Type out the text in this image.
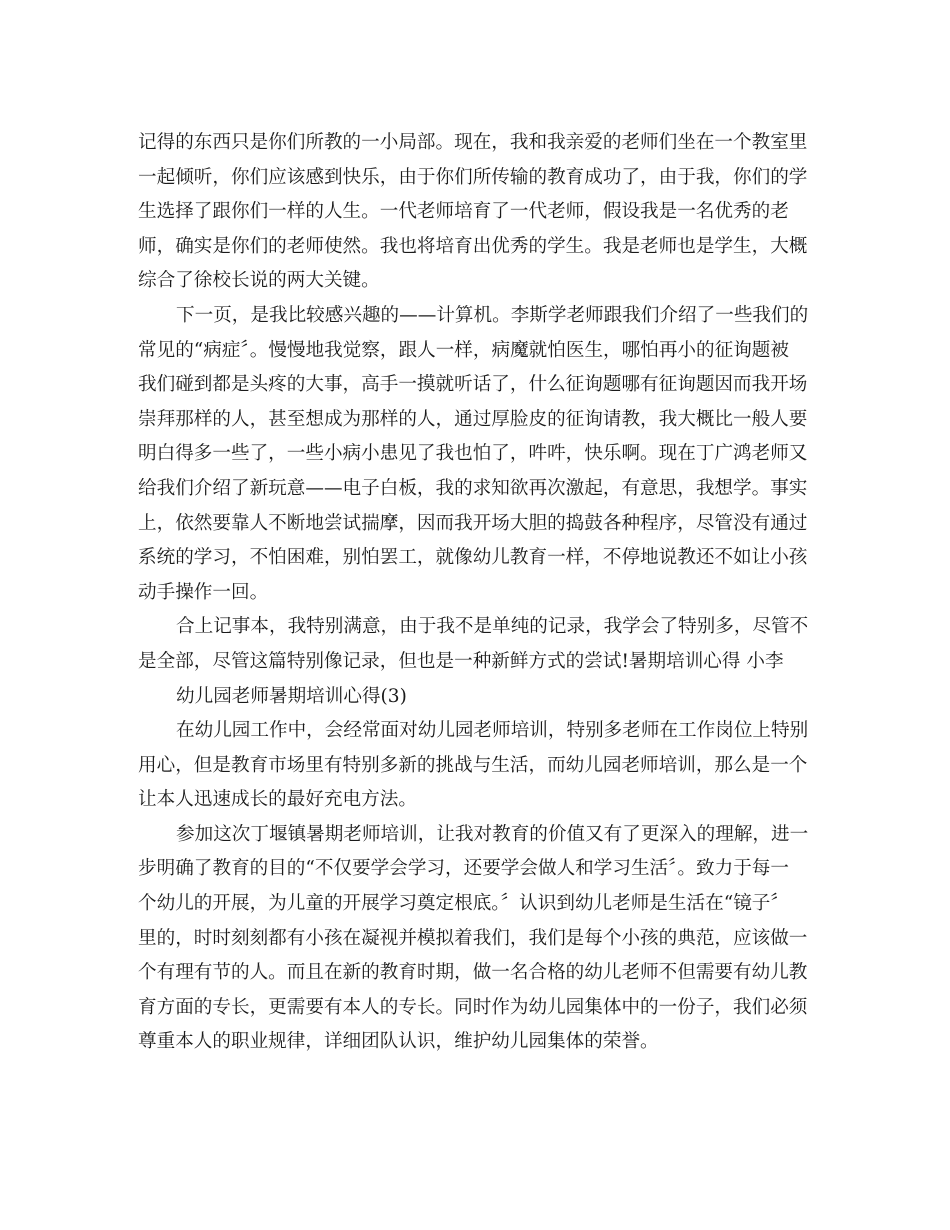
记得的东西只是你们所教的一小局部。现在，我和我亲爱的老师们坐在一个教室里
一起倾听，你们应该感到快乐，由于你们所传输的教育成功了，由于我，你们的学
生选择了跟你们一样的人生。一代老师培育了一代老师，假设我是一名优秀的老
师，确实是你们的老师使然。我也将培育出优秀的学生。我是老师也是学生，大概
综合了徐校长说的两大关键。
下一页，是我比较感兴趣的——计算机。李斯学老师跟我们介绍了一些我们的
常见的“病症〞。慢慢地我觉察，跟人一样，病魔就怕医生，哪怕再小的征询题被
我们碰到都是头疼的大事，高手一摸就听话了，什么征询题哪有征询题因而我开场
崇拜那样的人，甚至想成为那样的人，通过厚脸皮的征询请教，我大概比一般人要
明白得多一些了，一些小病小患见了我也怕了，吽吽，快乐啊。现在丁广鸿老师又
给我们介绍了新玩意——电子白板，我的求知欲再次激起，有意思，我想学。事实
上，依然要靠人不断地尝试揣摩，因而我开场大胆的捣鼓各种程序，尽管没有通过
系统的学习，不怕困难，别怕罢工，就像幼儿教育一样，不停地说教还不如让小孩
动手操作一回。
合上记事本，我特别满意，由于我不是单纯的记录，我学会了特别多，尽管不
是全部，尽管这篇特别像记录，但也是一种新鲜方式的尝试!暑期培训心得 小李
幼儿园老师暑期培训心得(3)
在幼儿园工作中，会经常面对幼儿园老师培训，特别多老师在工作岗位上特别
用心，但是教育市场里有特别多新的挑战与生活，而幼儿园老师培训，那么是一个
让本人迅速成长的最好充电方法。
参加这次丁堰镇暑期老师培训，让我对教育的价值又有了更深入的理解，进一
步明确了教育的目的“不仅要学会学习，还要学会做人和学习生活〞。致力于每一
个幼儿的开展，为儿童的开展学习奠定根底。〞认识到幼儿老师是生活在“镜子〞
里的，时时刻刻都有小孩在凝视并模拟着我们，我们是每个小孩的典范，应该做一
个有理有节的人。而且在新的教育时期，做一名合格的幼儿老师不但需要有幼儿教
育方面的专长，更需要有本人的专长。同时作为幼儿园集体中的一份子，我们必须
尊重本人的职业规律，详细团队认识，维护幼儿园集体的荣誉。
